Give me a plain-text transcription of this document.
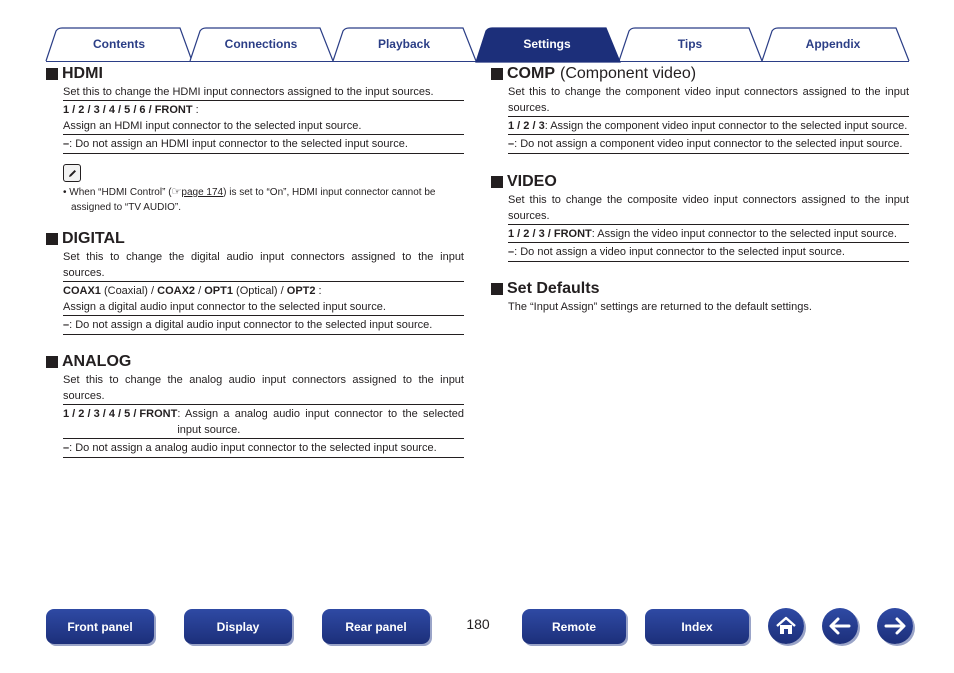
Contents	Connections	Playback	Settings	Tips	Appendix
HDMI

Set this to change the HDMI input connectors assigned to the input sources.

1 / 2 / 3 / 4 / 5 / 6 / FRONT :
Assign an HDMI input connector to the selected input source.
– : Do not assign an HDMI input connector to the selected input source.
• When “HDMI Control” (☞page 174) is set to “On”, HDMI input connector cannot be assigned to “TV AUDIO”.
DIGITAL

Set this to change the digital audio input connectors assigned to the input sources.

COAX1 (Coaxial) / COAX2 / OPT1 (Optical) / OPT2 :
Assign a digital audio input connector to the selected input source.
– : Do not assign a digital audio input connector to the selected input source.
ANALOG

Set this to change the analog audio input connectors assigned to the input sources.

1 / 2 / 3 / 4 / 5 / FRONT : Assign a analog audio input connector to the selected input source.
– : Do not assign a analog audio input connector to the selected input source.
COMP (Component video)

Set this to change the component video input connectors assigned to the input sources.

1 / 2 / 3 : Assign the component video input connector to the selected input source.
– : Do not assign a component video input connector to the selected input source.
VIDEO

Set this to change the composite video input connectors assigned to the input sources.

1 / 2 / 3 / FRONT : Assign the video input connector to the selected input source.
– : Do not assign a video input connector to the selected input source.
Set Defaults

The “Input Assign” settings are returned to the default settings.

Front panel	Display	Rear panel	180	Remote	Index
